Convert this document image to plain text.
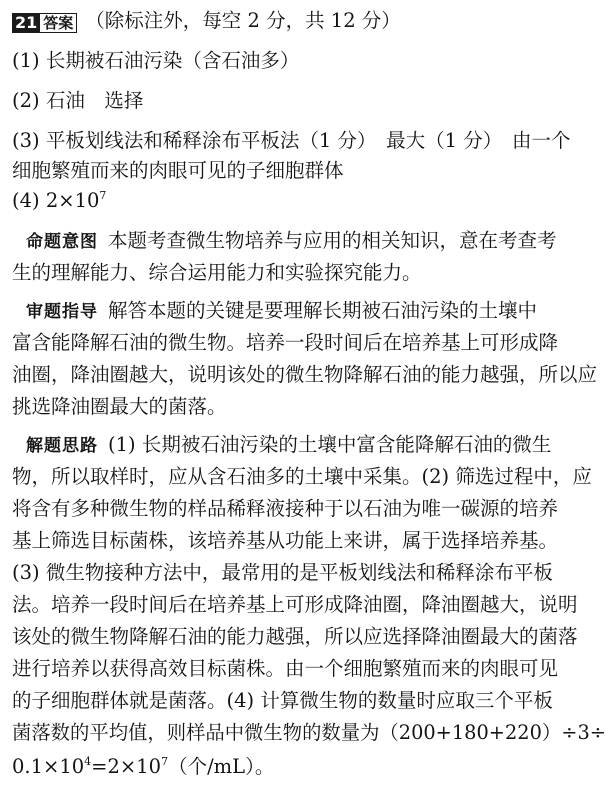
21 答案 （除标注外，每空 2 分，共 12 分）
(1) 长期被石油污染（含石油多）
(2) 石油　选择
(3) 平板划线法和稀释涂布平板法（1 分）　最大（1 分）　由一个
细胞繁殖而来的肉眼可见的子细胞群体
(4) $2\times 10^7$
命题意图 本题考查微生物培养与应用的相关知识，意在考查考
生的理解能力、综合运用能力和实验探究能力。
审题指导 解答本题的关键是要理解长期被石油污染的土壤中
富含能降解石油的微生物。培养一段时间后在培养基上可形成降
油圈，降油圈越大，说明该处的微生物降解石油的能力越强，所以应
挑选降油圈最大的菌落。
解题思路 (1) 长期被石油污染的土壤中富含能降解石油的微生
物，所以取样时，应从含石油多的土壤中采集。(2) 筛选过程中，应
将含有多种微生物的样品稀释液接种于以石油为唯一碳源的培养
基上筛选目标菌株，该培养基从功能上来讲，属于选择培养基。
(3) 微生物接种方法中，最常用的是平板划线法和稀释涂布平板
法。培养一段时间后在培养基上可形成降油圈，降油圈越大，说明
该处的微生物降解石油的能力越强，所以应选择降油圈最大的菌落
进行培养以获得高效目标菌株。由一个细胞繁殖而来的肉眼可见
的子细胞群体就是菌落。(4) 计算微生物的数量时应取三个平板
菌落数的平均值，则样品中微生物的数量为（200+180+220）÷3÷
$0.1\times 10^4=2\times 10^7$（个/mL）。
